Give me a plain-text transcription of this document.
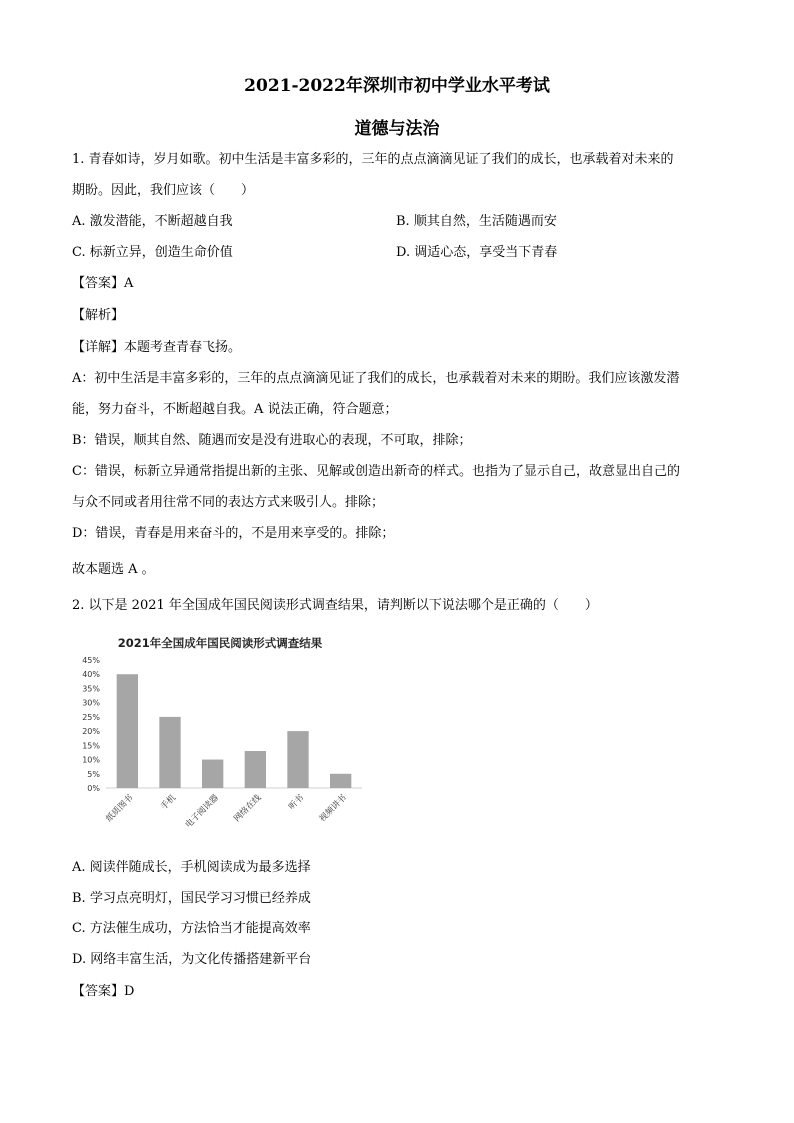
2021-2022年深圳市初中学业水平考试
道德与法治
1. 青春如诗，岁月如歌。初中生活是丰富多彩的，三年的点点滴滴见证了我们的成长，也承载着对未来的
期盼。因此，我们应该（　　）
A. 激发潜能，不断超越自我	B. 顺其自然，生活随遇而安
C. 标新立异，创造生命价值	D. 调适心态，享受当下青春
【答案】A
【解析】
【详解】本题考查青春飞扬。
A：初中生活是丰富多彩的，三年的点点滴滴见证了我们的成长，也承载着对未来的期盼。我们应该激发潜
能，努力奋斗，不断超越自我。A 说法正确，符合题意；
B：错误，顺其自然、随遇而安是没有进取心的表现，不可取，排除；
C：错误，标新立异通常指提出新的主张、见解或创造出新奇的样式。也指为了显示自己，故意显出自己的
与众不同或者用往常不同的表达方式来吸引人。排除；
D：错误，青春是用来奋斗的，不是用来享受的。排除；
故本题选 A 。
2. 以下是 2021 年全国成年国民阅读形式调查结果，请判断以下说法哪个是正确的（　　）
2021年全国成年国民阅读形式调查结果
0%
5%
10%
15%
20%
25%
30%
35%
40%
45%
纸质图书	手机 电子阅读器 网络在线	听书 视频讲书
A. 阅读伴随成长，手机阅读成为最多选择
B. 学习点亮明灯，国民学习习惯已经养成
C. 方法催生成功，方法恰当才能提高效率
D. 网络丰富生活，为文化传播搭建新平台
【答案】D
